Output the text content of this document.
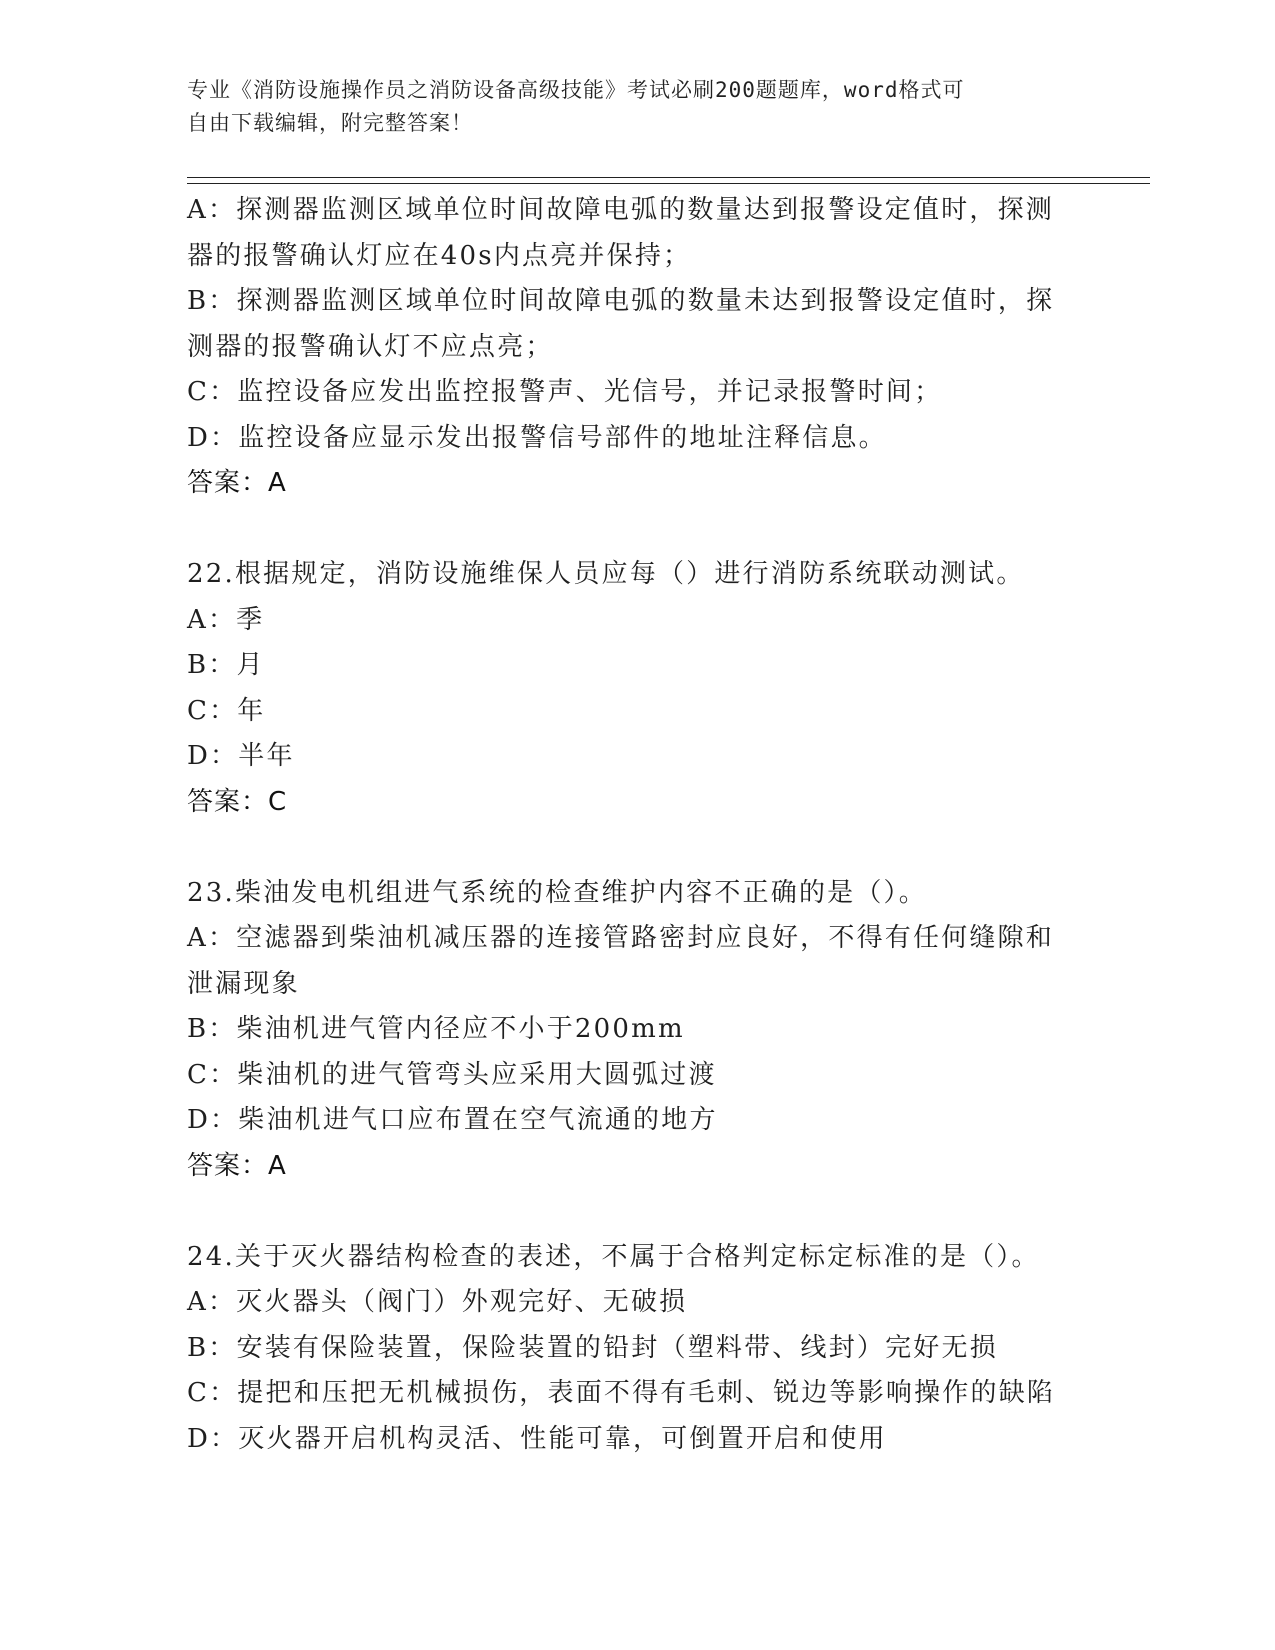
专业《消防设施操作员之消防设备高级技能》考试必刷200题题库，word格式可
自由下载编辑，附完整答案！
A：探测器监测区域单位时间故障电弧的数量达到报警设定值时，探测
器的报警确认灯应在40s内点亮并保持；
B：探测器监测区域单位时间故障电弧的数量未达到报警设定值时，探
测器的报警确认灯不应点亮；
C：监控设备应发出监控报警声、光信号，并记录报警时间；
D：监控设备应显示发出报警信号部件的地址注释信息。
答案：A
22.根据规定，消防设施维保人员应每（）进行消防系统联动测试。
A：季
B：月
C：年
D：半年
答案：C
23.柴油发电机组进气系统的检查维护内容不正确的是（）。
A：空滤器到柴油机减压器的连接管路密封应良好，不得有任何缝隙和
泄漏现象
B：柴油机进气管内径应不小于200mm
C：柴油机的进气管弯头应采用大圆弧过渡
D：柴油机进气口应布置在空气流通的地方
答案：A
24.关于灭火器结构检查的表述，不属于合格判定标定标准的是（）。
A：灭火器头（阀门）外观完好、无破损
B：安装有保险装置，保险装置的铅封（塑料带、线封）完好无损
C：提把和压把无机械损伤，表面不得有毛刺、锐边等影响操作的缺陷
D：灭火器开启机构灵活、性能可靠，可倒置开启和使用
